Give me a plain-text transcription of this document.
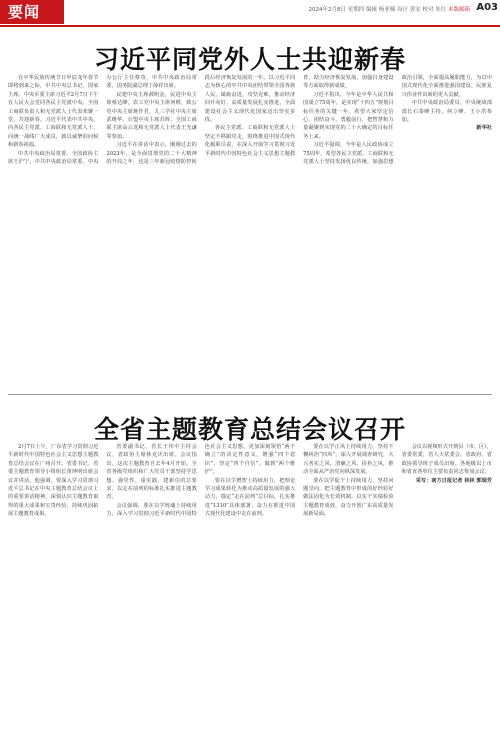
要闻	2024年2月8日 星期四 编辑 杨亚楠 设计 黄安 校对 朱红 本版邮箱 A03
习近平同党外人士共迎新春

在中华民族传统节日甲辰龙年春节即将到来之际，中共中央总书记、国家主席、中央军委主席习近平2月7日下午在人民大会堂同各民主党派中央、全国工商联负责人和无党派人士代表欢聚一堂，共迎新春。习近平代表中共中央，向各民主党派、工商联和无党派人士，向统一战线广大成员，致以诚挚的问候和新春祝福。

中共中央政治局常委、全国政协主席王沪宁，中共中央政治局常委、中央办公厅主任蔡奇，中共中央政治局常委、国务院副总理丁薛祥出席。

民建中央主席郝明金，民进中央主席蔡达峰，农工党中央主席何维，致公党中央主席蒋作君，九三学社中央主席武维华，台盟中央主席苏辉，全国工商联主席高云龙和无党派人士代表王光谦等参加。

习近平在讲话中表示，刚刚过去的2023年，是全面贯彻党的二十大精神的开局之年，也是三年新冠疫情防控转段后经济恢复发展的一年。以习近平同志为核心的中共中央团结带领全国各族人民，砥砺奋进，攻坚克难，推动经济回升向好、高质量发展扎实推进，全面建设社会主义现代化国家迈出坚实步伐。

各民主党派、工商联和无党派人士坚定不移跟党走，围绕推进中国式现代化履职尽责，在深入开展学习贯彻习近平新时代中国特色社会主义思想主题教育、助力经济恢复发展、加强自身建设等方面取得新成绩。

习近平指出，今年是中华人民共和国成立75周年，是实现“十四五”规划目标任务的关键一年。希望大家坚定信心、团结奋斗、勇毅前行，把智慧和力量凝聚到实现党的二十大确定的目标任务上来。

习近平强调，今年是人民政协成立75周年。希望各民主党派、工商联和无党派人士坚持发扬优良传统，加强思想政治引领，全面提高履职能力，为以中国式现代化全面推进强国建设、民族复兴伟业作出新的更大贡献。

中共中央政治局委员、中央统战部部长石泰峰主持。何立峰、王小洪参加。

新华社

全省主题教育总结会议召开

2月7日上午，广东省学习贯彻习近平新时代中国特色社会主义思想主题教育总结会议在广州召开。省委书记、省委主题教育领导小组组长黄坤明出席会议并讲话，他强调，要深入学习贯彻习近平总书记在中央主题教育总结会议上的重要讲话精神，深刻认识主题教育取得的重大成果和宝贵经验，持续巩固拓展主题教育成果。

省委副书记、省长王伟中主持会议，省政协主席林克庆出席。会议指出，这次主题教育自去年4月开始，全省各级党组织和广大党员干部坚持学思想、强党性、重实践、建新功的总要求，以走在前列的标准扎实推进主题教育。

会议强调，要在以学铸魂上持续用力，深入学习贯彻习近平新时代中国特色社会主义思想，更加深刻领悟“两个确立”的决定性意义，增强“四个意识”、坚定“四个自信”、做到“两个维护”。

要在以学增智上持续用力，把理论学习成果转化为推动高质量发展的强大动力，锚定“走在前列”总目标，扎实推进“1310”具体部署，奋力在推进中国式现代化建设中走在前列。

要在以学正风上持续用力，坚持不懈纠治“四风”，深入开展调查研究，大兴务实之风、清廉之风、俭朴之风，推动全面从严治党向纵深发展。

要在以学促干上持续用力，坚持问题导向，把主题教育中形成的好经验好做法固化为长效机制，以实干实绩检验主题教育成效，奋力开创广东高质量发展新局面。

会议以视频形式开到县（市、区），省委常委，省人大常委会、省政府、省政协领导班子成员出席。各地级以上市和省直各单位主要负责同志参加会议。

采写：南方日报记者 林林 郭瑞芳
